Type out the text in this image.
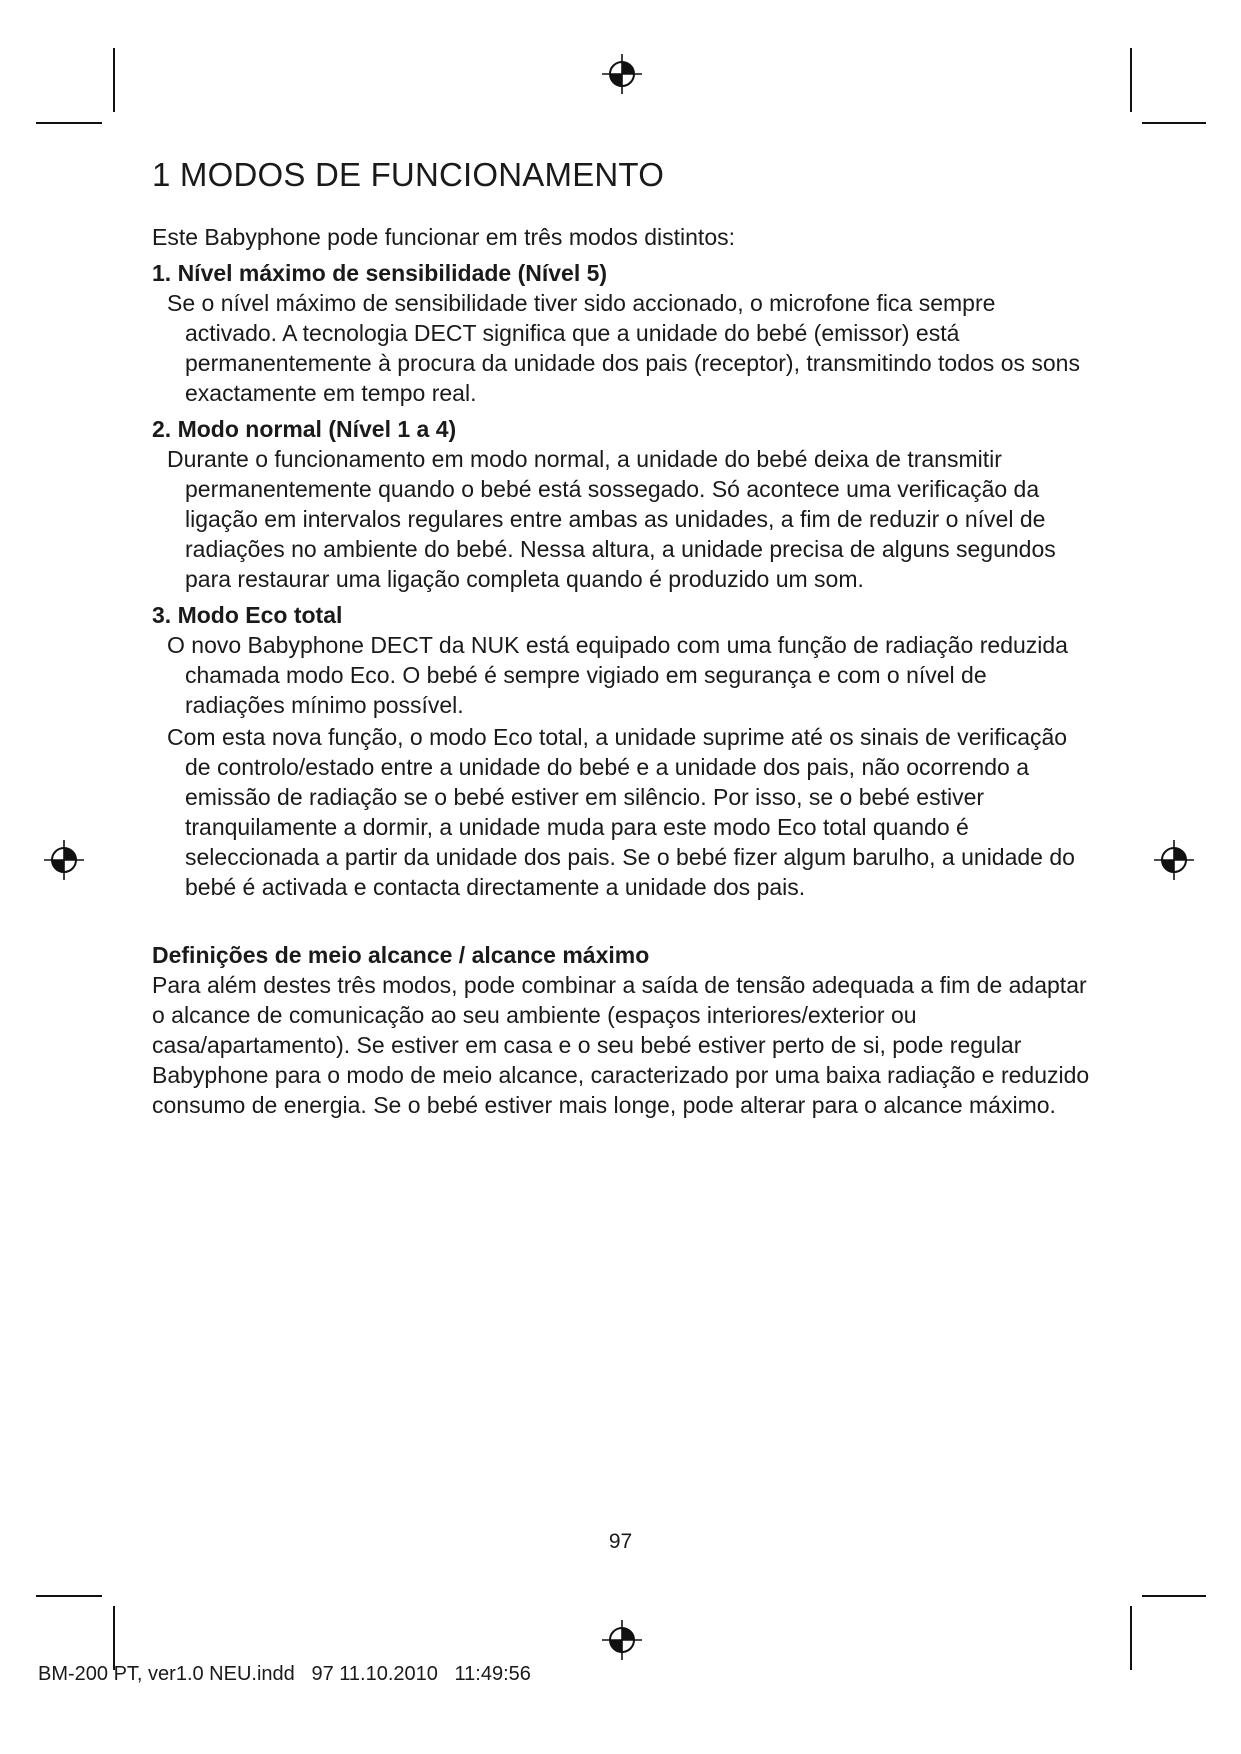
1 MODOS DE FUNCIONAMENTO

Este Babyphone pode funcionar em três modos distintos:

1. Nível máximo de sensibilidade (Nível 5)

Se o nível máximo de sensibilidade tiver sido accionado, o microfone fica sempre activado. A tecnologia DECT significa que a unidade do bebé (emissor) está permanentemente à procura da unidade dos pais (receptor), transmitindo todos os sons exactamente em tempo real.

2. Modo normal (Nível 1 a 4)

Durante o funcionamento em modo normal, a unidade do bebé deixa de transmitir permanentemente quando o bebé está sossegado. Só acontece uma verificação da ligação em intervalos regulares entre ambas as unidades, a fim de reduzir o nível de radiações no ambiente do bebé. Nessa altura, a unidade precisa de alguns segundos para restaurar uma ligação completa quando é produzido um som.

3. Modo Eco total

O novo Babyphone DECT da NUK está equipado com uma função de radiação reduzida chamada modo Eco. O bebé é sempre vigiado em segurança e com o nível de radiações mínimo possível.

Com esta nova função, o modo Eco total, a unidade suprime até os sinais de verificação de controlo/estado entre a unidade do bebé e a unidade dos pais, não ocorrendo a emissão de radiação se o bebé estiver em silêncio. Por isso, se o bebé estiver tranquilamente a dormir, a unidade muda para este modo Eco total quando é seleccionada a partir da unidade dos pais. Se o bebé fizer algum barulho, a unidade do bebé é activada e contacta directamente a unidade dos pais.

Definições de meio alcance / alcance máximo

Para além destes três modos, pode combinar a saída de tensão adequada a fim de adaptar o alcance de comunicação ao seu ambiente (espaços interiores/exterior ou casa/apartamento). Se estiver em casa e o seu bebé estiver perto de si, pode regular Babyphone para o modo de meio alcance, caracterizado por uma baixa radiação e reduzido consumo de energia. Se o bebé estiver mais longe, pode alterar para o alcance máximo.

97
BM-200 PT, ver1.0 NEU.indd   97 11.10.2010   11:49:56
